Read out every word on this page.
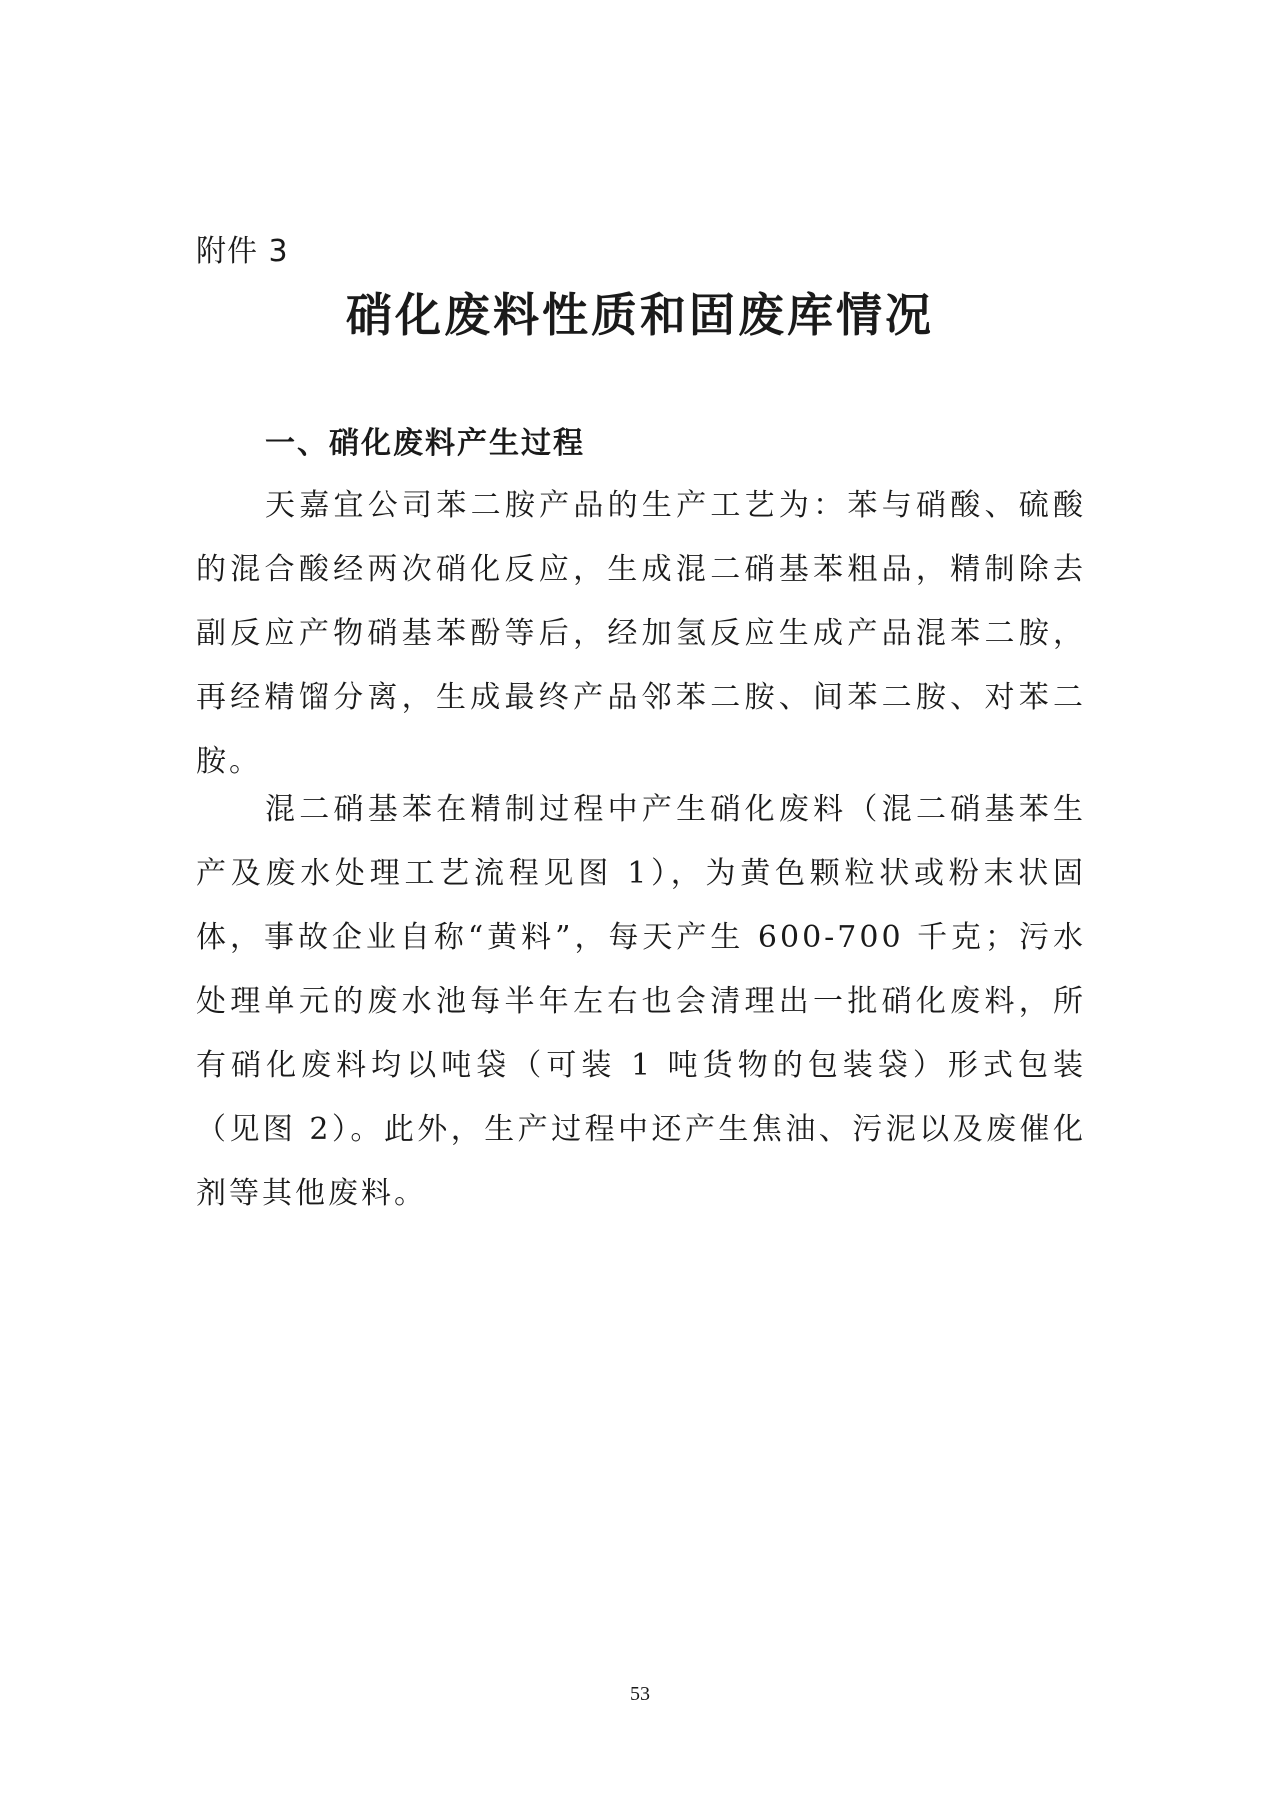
附件 3
硝化废料性质和固废库情况
一、硝化废料产生过程

天嘉宜公司苯二胺产品的生产工艺为：苯与硝酸、硫酸的混合酸经两次硝化反应，生成混二硝基苯粗品，精制除去副反应产物硝基苯酚等后，经加氢反应生成产品混苯二胺，再经精馏分离，生成最终产品邻苯二胺、间苯二胺、对苯二胺。

混二硝基苯在精制过程中产生硝化废料（混二硝基苯生产及废水处理工艺流程见图 1），为黄色颗粒状或粉末状固体，事故企业自称“黄料”，每天产生 600-700 千克；污水处理单元的废水池每半年左右也会清理出一批硝化废料，所有硝化废料均以吨袋（可装 1 吨货物的包装袋）形式包装（见图 2）。此外，生产过程中还产生焦油、污泥以及废催化剂等其他废料。

53
